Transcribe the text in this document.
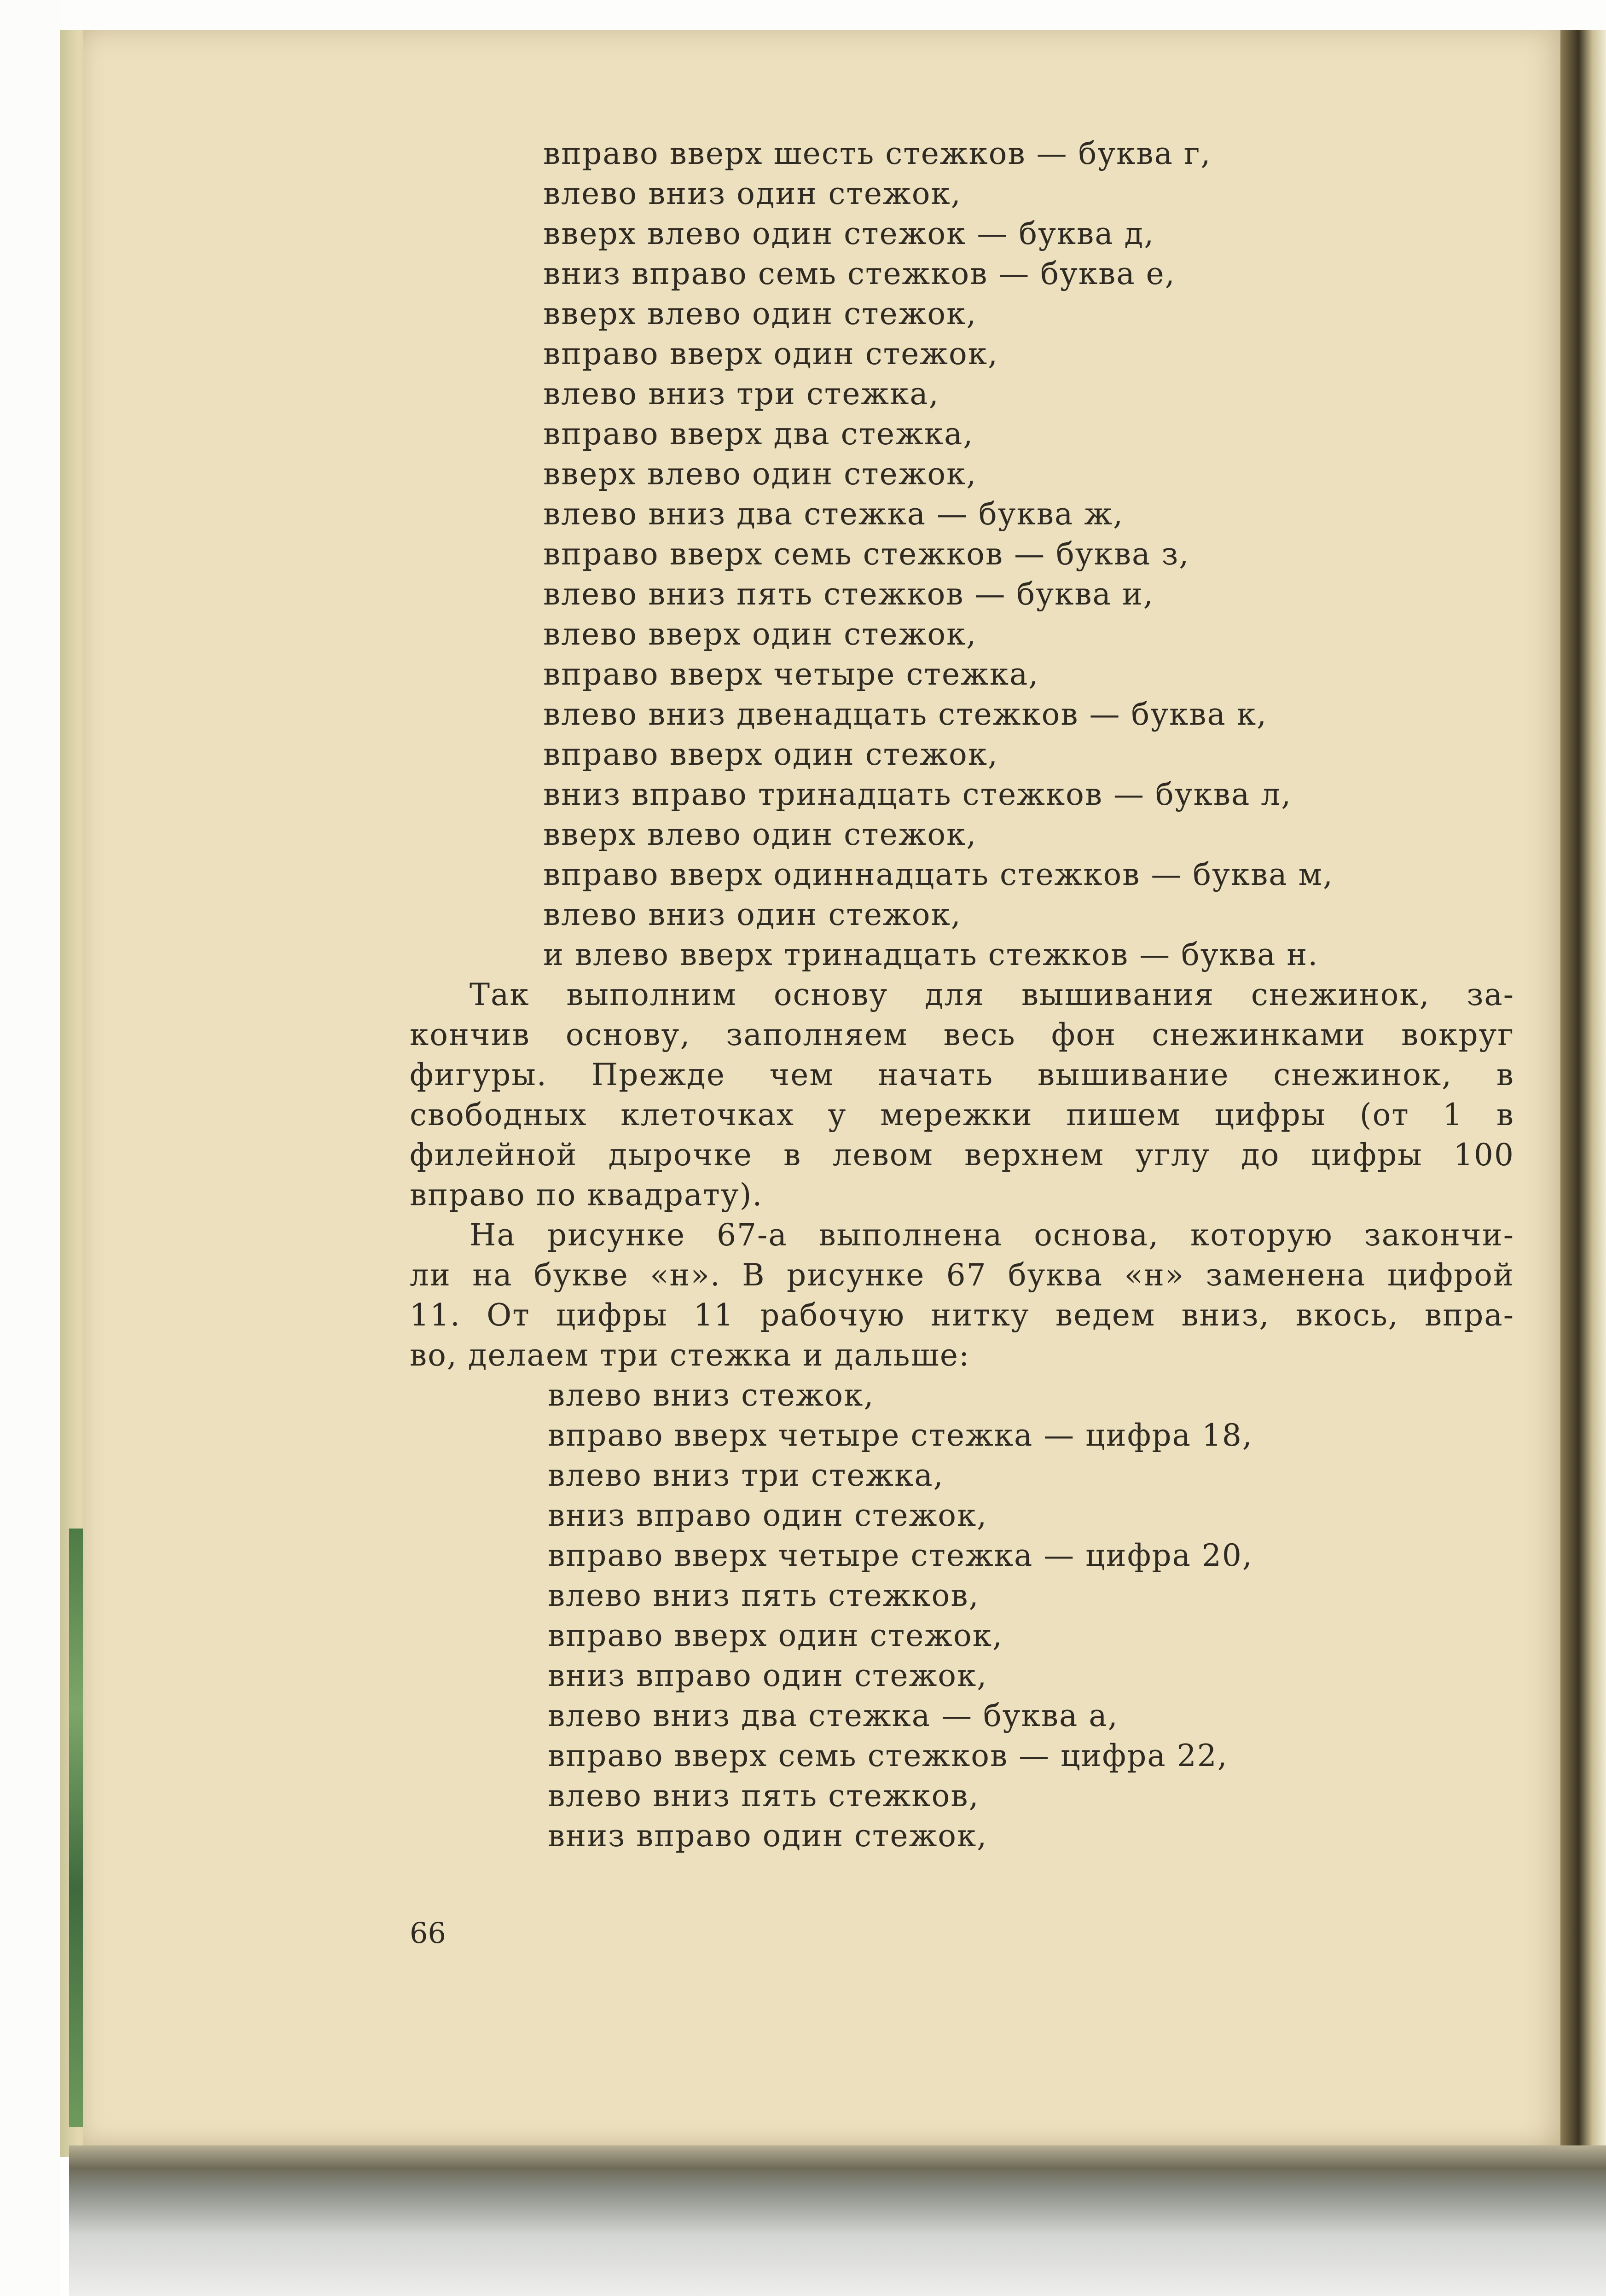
вправо вверх шесть стежков — буква г,
влево вниз один стежок,
вверх влево один стежок — буква д,
вниз вправо семь стежков — буква е,
вверх влево один стежок,
вправо вверх один стежок,
влево вниз три стежка,
вправо вверх два стежка,
вверх влево один стежок,
влево вниз два стежка — буква ж,
вправо вверх семь стежков — буква з,
влево вниз пять стежков — буква и,
влево вверх один стежок,
вправо вверх четыре стежка,
влево вниз двенадцать стежков — буква к,
вправо вверх один стежок,
вниз вправо тринадцать стежков — буква л,
вверх влево один стежок,
вправо вверх одиннадцать стежков — буква м,
влево вниз один стежок,
и влево вверх тринадцать стежков — буква н.
Так выполним основу для вышивания снежинок, за-
кончив основу, заполняем весь фон снежинками вокруг
фигуры. Прежде чем начать вышивание снежинок, в
свободных клеточках у мережки пишем цифры (от 1 в
филейной дырочке в левом верхнем углу до цифры 100
вправо по квадрату).
На рисунке 67-а выполнена основа, которую закончи-
ли на букве «н». В рисунке 67 буква «н» заменена цифрой
11. От цифры 11 рабочую нитку ведем вниз, вкось, впра-
во, делаем три стежка и дальше:
влево вниз стежок,
вправо вверх четыре стежка — цифра 18,
влево вниз три стежка,
вниз вправо один стежок,
вправо вверх четыре стежка — цифра 20,
влево вниз пять стежков,
вправо вверх один стежок,
вниз вправо один стежок,
влево вниз два стежка — буква а,
вправо вверх семь стежков — цифра 22,
влево вниз пять стежков,
вниз вправо один стежок,
66
